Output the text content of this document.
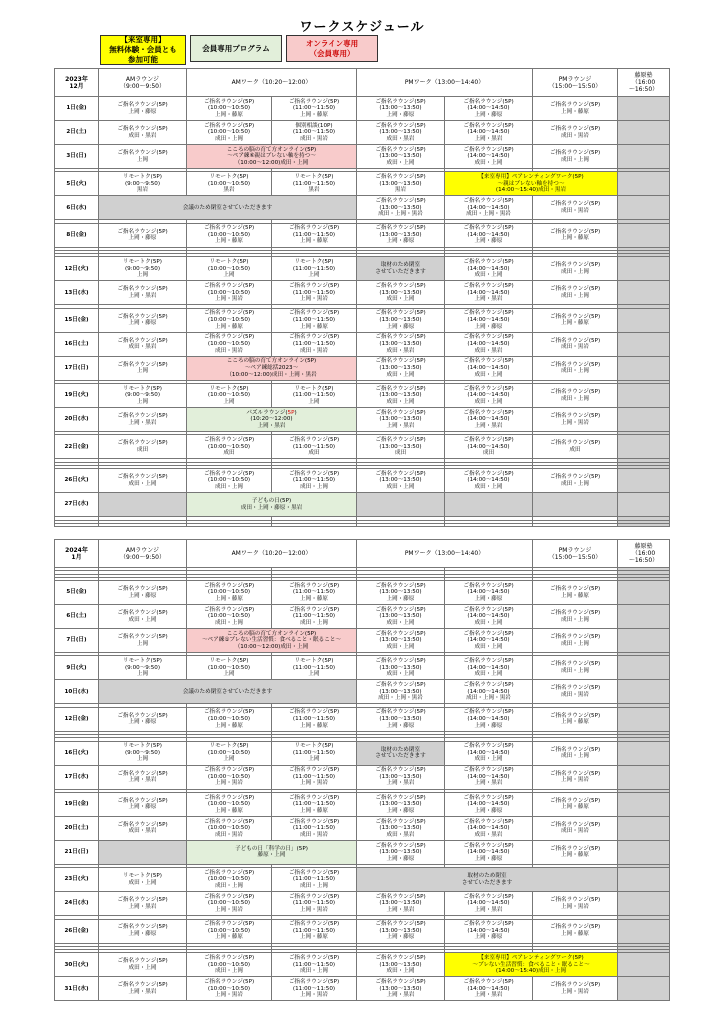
ワークスケジュール
【来室専用】
無料体験・会員とも
参加可能
会員専用プログラム
オンライン専用
（会員専用）
2023年
12月	AMラウンジ
（9:00〜9:50）	AMワーク（10:20〜12:00）		PMワーク（13:00〜14:40）		PMラウンジ
（15:00〜15:50）	藤原塾
（16:00
〜16:50）
1日(金)	ご指名ラウンジ(5P)
上岡・藤原	ご指名ラウンジ(5P)
(10:00〜10:50)
上岡・藤原	ご指名ラウンジ(5P)
(11:00〜11:50)
上岡・藤原	ご指名ラウンジ(5P)
(13:00〜13:50)
上岡・藤原	ご指名ラウンジ(5P)
(14:00〜14:50)
上岡・藤原	ご指名ラウンジ(5P)
上岡・藤原	
2日(土)	ご指名ラウンジ(5P)
成田・黒岩	ご指名ラウンジ(5P)
(10:00〜10:50)
成田・上岡	個別相談(10P)
(11:00〜11:50)
成田・黒岩	ご指名ラウンジ(5P)
(13:00〜13:50)
成田・黒岩	ご指名ラウンジ(5P)
(14:00〜14:50)
上岡・黒岩	ご指名ラウンジ(5P)
成田・黒岩	
3日(日)	ご指名ラウンジ(5P)
上岡	こころの脳の育て方オンライン(5P)
〜ペア練⑥親はブレない軸を持つ〜
（10:00〜12:00)成田・上岡		ご指名ラウンジ(5P)
(13:00〜13:50)
成田・上岡	ご指名ラウンジ(5P)
(14:00〜14:50)
成田・上岡	ご指名ラウンジ(5P)
成田・上岡	

5日(火)	リモートク(5P)
(9:00〜9:50)
黒岩	リモートク(5P)
(10:00〜10:50)
黒岩	リモートク(5P)
(11:00〜11:50)
黒岩	ご指名ラウンジ(5P)
(13:00〜13:50)
黒岩	【来室専用】ペアレンティングワーク(5P)
〜親はブレない軸を持つ〜
(14:00〜15:40)成田・黒岩		
6日(水)	会議のため閉室させていただきます			ご指名ラウンジ(5P)
(13:00〜13:50)
成田・上岡・黒岩	ご指名ラウンジ(5P)
(14:00〜14:50)
成田・上岡・黒岩	ご指名ラウンジ(5P)
成田・黒岩	

8日(金)	ご指名ラウンジ(5P)
上岡・藤原	ご指名ラウンジ(5P)
(10:00〜10:50)
上岡・藤原	ご指名ラウンジ(5P)
(11:00〜11:50)
上岡・藤原	ご指名ラウンジ(5P)
(13:00〜13:50)
上岡・藤原	ご指名ラウンジ(5P)
(14:00〜14:50)
上岡・藤原	ご指名ラウンジ(5P)
上岡・藤原	

12日(火)	リモートク(5P)
(9:00〜9:50)
上岡	リモートク(5P)
(10:00〜10:50)
上岡	リモートク(5P)
(11:00〜11:50)
上岡	取材のため閉室
させていただきます	ご指名ラウンジ(5P)
(14:00〜14:50)
成田・上岡	ご指名ラウンジ(5P)
成田・上岡	
13日(水)	ご指名ラウンジ(5P)
上岡・黒岩	ご指名ラウンジ(5P)
(10:00〜10:50)
上岡・黒岩	ご指名ラウンジ(5P)
(11:00〜11:50)
上岡・黒岩	ご指名ラウンジ(5P)
(13:00〜13:50)
成田・上岡	ご指名ラウンジ(5P)
(14:00〜14:50)
上岡・黒岩	ご指名ラウンジ(5P)
成田・上岡	

15日(金)	ご指名ラウンジ(5P)
上岡・藤原	ご指名ラウンジ(5P)
(10:00〜10:50)
上岡・藤原	ご指名ラウンジ(5P)
(11:00〜11:50)
上岡・藤原	ご指名ラウンジ(5P)
(13:00〜13:50)
上岡・藤原	ご指名ラウンジ(5P)
(14:00〜14:50)
上岡・藤原	ご指名ラウンジ(5P)
上岡・藤原	
16日(土)	ご指名ラウンジ(5P)
成田・黒岩	ご指名ラウンジ(5P)
(10:00〜10:50)
成田・黒岩	ご指名ラウンジ(5P)
(11:00〜11:50)
成田・黒岩	ご指名ラウンジ(5P)
(13:00〜13:50)
成田・黒岩	ご指名ラウンジ(5P)
(14:00〜14:50)
成田・黒岩	ご指名ラウンジ(5P)
成田・黒岩	
17日(日)	ご指名ラウンジ(5P)
上岡	こころの脳の育て方オンライン(5P)
〜ペア練総括2023〜
（10:00〜12:00)成田・上岡・黒岩		ご指名ラウンジ(5P)
(13:00〜13:50)
成田・上岡	ご指名ラウンジ(5P)
(14:00〜14:50)
成田・上岡	ご指名ラウンジ(5P)
成田・上岡	

19日(火)	リモートク(5P)
(9:00〜9:50)
上岡	リモートク(5P)
(10:00〜10:50)
上岡	リモートク(5P)
(11:00〜11:50)
上岡	ご指名ラウンジ(5P)
(13:00〜13:50)
成田・上岡	ご指名ラウンジ(5P)
(14:00〜14:50)
成田・上岡	ご指名ラウンジ(5P)
成田・上岡	
20日(水)	ご指名ラウンジ(5P)
上岡・黒岩	パズルラウンジ(5P)
(10:20〜12:00)
上岡・黒岩		ご指名ラウンジ(5P)
(13:00〜13:50)
上岡・黒岩	ご指名ラウンジ(5P)
(14:00〜14:50)
上岡・黒岩	ご指名ラウンジ(5P)
上岡・黒岩	

22日(金)	ご指名ラウンジ(5P)
成田	ご指名ラウンジ(5P)
(10:00〜10:50)
成田	ご指名ラウンジ(5P)
(11:00〜11:50)
成田	ご指名ラウンジ(5P)
(13:00〜13:50)
成田	ご指名ラウンジ(5P)
(14:00〜14:50)
成田	ご指名ラウンジ(5P)
成田	

26日(火)	ご指名ラウンジ(5P)
成田・上岡	ご指名ラウンジ(5P)
(10:00〜10:50)
成田・上岡	ご指名ラウンジ(5P)
(11:00〜11:50)
成田・上岡	ご指名ラウンジ(5P)
(13:00〜13:50)
成田・上岡	ご指名ラウンジ(5P)
(14:00〜14:50)
成田・上岡	ご指名ラウンジ(5P)
成田・上岡	
27日(水)		子どもの日(5P)
成田・上岡・藤原・黒岩					

2024年
1月	AMラウンジ
（9:00〜9:50）	AMワーク（10:20〜12:00）		PMワーク（13:00〜14:40）		PMラウンジ
（15:00〜15:50）	藤原塾
（16:00
〜16:50）

5日(金)	ご指名ラウンジ(5P)
上岡・藤原	ご指名ラウンジ(5P)
(10:00〜10:50)
上岡・藤原	ご指名ラウンジ(5P)
(11:00〜11:50)
上岡・藤原	ご指名ラウンジ(5P)
(13:00〜13:50)
上岡・藤原	ご指名ラウンジ(5P)
(14:00〜14:50)
上岡・藤原	ご指名ラウンジ(5P)
上岡・藤原	
6日(土)	ご指名ラウンジ(5P)
成田・上岡	ご指名ラウンジ(5P)
(10:00〜10:50)
成田・上岡	ご指名ラウンジ(5P)
(11:00〜11:50)
成田・上岡	ご指名ラウンジ(5P)
(13:00〜13:50)
成田・上岡	ご指名ラウンジ(5P)
(14:00〜14:50)
成田・上岡	ご指名ラウンジ(5P)
成田・上岡	
7日(日)	ご指名ラウンジ(5P)
上岡	こころの脳の育て方オンライン(5P)
〜ペア練①ブレない生活習慣：食べること・眠ること〜
（10:00〜12:00)成田・上岡		ご指名ラウンジ(5P)
(13:00〜13:50)
成田・上岡	ご指名ラウンジ(5P)
(14:00〜14:50)
成田・上岡	ご指名ラウンジ(5P)
成田・上岡	

9日(火)	リモートク(5P)
(9:00〜9:50)
上岡	リモートク(5P)
(10:00〜10:50)
上岡	リモートク(5P)
(11:00〜11:50)
上岡	ご指名ラウンジ(5P)
(13:00〜13:50)
成田・上岡	ご指名ラウンジ(5P)
(14:00〜14:50)
成田・上岡	ご指名ラウンジ(5P)
成田・上岡	
10日(水)	会議のため閉室させていただきます			ご指名ラウンジ(5P)
(13:00〜13:50)
成田・上岡・黒岩	ご指名ラウンジ(5P)
(14:00〜14:50)
成田・上岡・黒岩	ご指名ラウンジ(5P)
成田・黒岩	

12日(金)	ご指名ラウンジ(5P)
上岡・藤原	ご指名ラウンジ(5P)
(10:00〜10:50)
上岡・藤原	ご指名ラウンジ(5P)
(11:00〜11:50)
上岡・藤原	ご指名ラウンジ(5P)
(13:00〜13:50)
上岡・藤原	ご指名ラウンジ(5P)
(14:00〜14:50)
上岡・藤原	ご指名ラウンジ(5P)
上岡・藤原	

16日(火)	リモートク(5P)
(9:00〜9:50)
上岡	リモートク(5P)
(10:00〜10:50)
上岡	リモートク(5P)
(11:00〜11:50)
上岡	取材のため閉室
させていただきます	ご指名ラウンジ(5P)
(14:00〜14:50)
成田・上岡	ご指名ラウンジ(5P)
成田・上岡	
17日(水)	ご指名ラウンジ(5P)
上岡・黒岩	ご指名ラウンジ(5P)
(10:00〜10:50)
上岡・黒岩	ご指名ラウンジ(5P)
(11:00〜11:50)
上岡・黒岩	ご指名ラウンジ(5P)
(13:00〜13:50)
上岡・黒岩	ご指名ラウンジ(5P)
(14:00〜14:50)
上岡・黒岩	ご指名ラウンジ(5P)
上岡・黒岩	

19日(金)	ご指名ラウンジ(5P)
上岡・藤原	ご指名ラウンジ(5P)
(10:00〜10:50)
上岡・藤原	ご指名ラウンジ(5P)
(11:00〜11:50)
上岡・藤原	ご指名ラウンジ(5P)
(13:00〜13:50)
上岡・藤原	ご指名ラウンジ(5P)
(14:00〜14:50)
上岡・藤原	ご指名ラウンジ(5P)
上岡・藤原	
20日(土)	ご指名ラウンジ(5P)
成田・黒岩	ご指名ラウンジ(5P)
(10:00〜10:50)
成田・黒岩	ご指名ラウンジ(5P)
(11:00〜11:50)
成田・黒岩	ご指名ラウンジ(5P)
(13:00〜13:50)
成田・黒岩	ご指名ラウンジ(5P)
(14:00〜14:50)
成田・黒岩	ご指名ラウンジ(5P)
成田・黒岩	
21日(日)		子どもの日「科学の日」(5P)
藤原・上岡		ご指名ラウンジ(5P)
(13:00〜13:50)
上岡・藤原	ご指名ラウンジ(5P)
(14:00〜14:50)
上岡・藤原	ご指名ラウンジ(5P)
上岡・藤原	

23日(火)	リモートク(5P)
成田・上岡	ご指名ラウンジ(5P)
(10:00〜10:50)
成田・上岡	ご指名ラウンジ(5P)
(11:00〜11:50)
成田・上岡	取材のため閉室
させていただきます			
24日(水)	ご指名ラウンジ(5P)
上岡・黒岩	ご指名ラウンジ(5P)
(10:00〜10:50)
上岡・黒岩	ご指名ラウンジ(5P)
(11:00〜11:50)
上岡・黒岩	ご指名ラウンジ(5P)
(13:00〜13:50)
上岡・黒岩	ご指名ラウンジ(5P)
(14:00〜14:50)
上岡・黒岩	ご指名ラウンジ(5P)
上岡・黒岩	

26日(金)	ご指名ラウンジ(5P)
上岡・藤原	ご指名ラウンジ(5P)
(10:00〜10:50)
上岡・藤原	ご指名ラウンジ(5P)
(11:00〜11:50)
上岡・藤原	ご指名ラウンジ(5P)
(13:00〜13:50)
上岡・藤原	ご指名ラウンジ(5P)
(14:00〜14:50)
上岡・藤原	ご指名ラウンジ(5P)
上岡・藤原	

30日(火)	ご指名ラウンジ(5P)
成田・上岡	ご指名ラウンジ(5P)
(10:00〜10:50)
成田・上岡	ご指名ラウンジ(5P)
(11:00〜11:50)
成田・上岡	ご指名ラウンジ(5P)
(13:00〜13:50)
成田・上岡	【来室専用】ペアレンティングワーク(5P)
〜ブレない生活習慣：食べること・眠ること〜
(14:00〜15:40)成田・上岡		
31日(水)	ご指名ラウンジ(5P)
上岡・黒岩	ご指名ラウンジ(5P)
(10:00〜10:50)
上岡・黒岩	ご指名ラウンジ(5P)
(11:00〜11:50)
上岡・黒岩	ご指名ラウンジ(5P)
(13:00〜13:50)
上岡・黒岩	ご指名ラウンジ(5P)
(14:00〜14:50)
上岡・黒岩	ご指名ラウンジ(5P)
上岡・黒岩	
